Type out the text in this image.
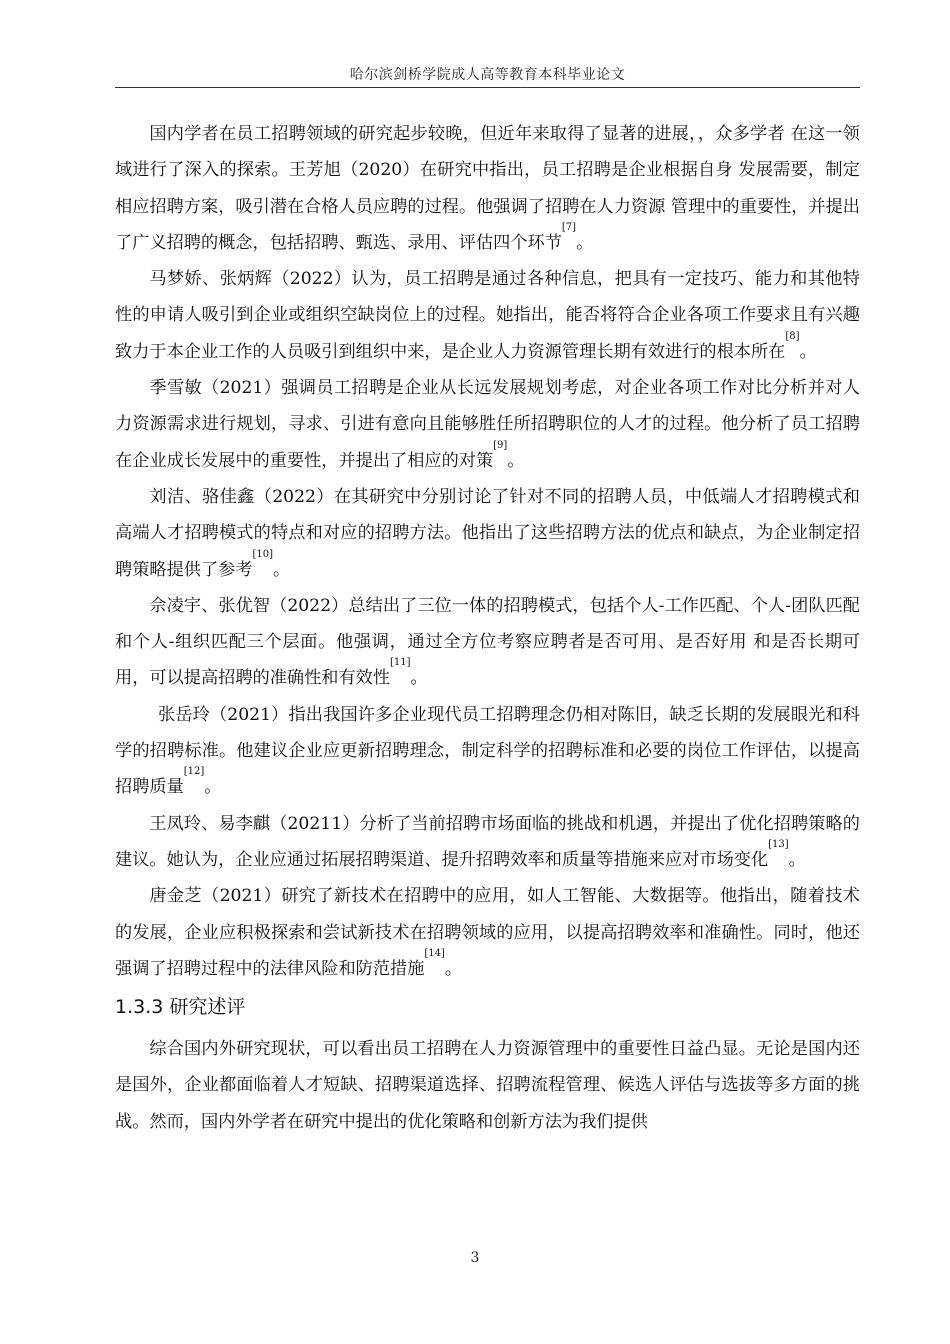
哈尔滨剑桥学院成人高等教育本科毕业论文

国内学者在员工招聘领域的研究起步较晚，但近年来取得了显著的进展，，众多学者 在这一领域进行了深入的探索。王芳旭（2020）在研究中指出，员工招聘是企业根据自身 发展需要，制定相应招聘方案，吸引潜在合格人员应聘的过程。他强调了招聘在人力资源 管理中的重要性，并提出了广义招聘的概念，包括招聘、甄选、录用、评估四个环节[7]。

马梦娇、张炳辉（2022）认为，员工招聘是通过各种信息，把具有一定技巧、能力和其他特性的申请人吸引到企业或组织空缺岗位上的过程。她指出，能否将符合企业各项工作要求且有兴趣致力于本企业工作的人员吸引到组织中来，是企业人力资源管理长期有效进行的根本所在[8]。

季雪敏（2021）强调员工招聘是企业从长远发展规划考虑，对企业各项工作对比分析并对人力资源需求进行规划，寻求、引进有意向且能够胜任所招聘职位的人才的过程。他分析了员工招聘在企业成长发展中的重要性，并提出了相应的对策[9]。

刘洁、骆佳鑫（2022）在其研究中分别讨论了针对不同的招聘人员，中低端人才招聘模式和高端人才招聘模式的特点和对应的招聘方法。他指出了这些招聘方法的优点和缺点，为企业制定招聘策略提供了参考[10]。

佘凌宇、张优智（2022）总结出了三位一体的招聘模式，包括个人-工作匹配、个人-团队匹配和个人-组织匹配三个层面。他强调，通过全方位考察应聘者是否可用、是否好用 和是否长期可用，可以提高招聘的准确性和有效性[11]。

张岳玲（2021）指出我国许多企业现代员工招聘理念仍相对陈旧，缺乏长期的发展眼光和科学的招聘标准。他建议企业应更新招聘理念，制定科学的招聘标准和必要的岗位工作评估，以提高招聘质量[12]。

王凤玲、易李麒（20211）分析了当前招聘市场面临的挑战和机遇，并提出了优化招聘策略的建议。她认为，企业应通过拓展招聘渠道、提升招聘效率和质量等措施来应对市场变化[13]。

唐金芝（2021）研究了新技术在招聘中的应用，如人工智能、大数据等。他指出，随着技术的发展，企业应积极探索和尝试新技术在招聘领域的应用，以提高招聘效率和准确性。同时，他还强调了招聘过程中的法律风险和防范措施[14]。

1.3.3 研究述评

综合国内外研究现状，可以看出员工招聘在人力资源管理中的重要性日益凸显。无论是国内还是国外，企业都面临着人才短缺、招聘渠道选择、招聘流程管理、候选人评估与选拔等多方面的挑战。然而，国内外学者在研究中提出的优化策略和创新方法为我们提供

3
